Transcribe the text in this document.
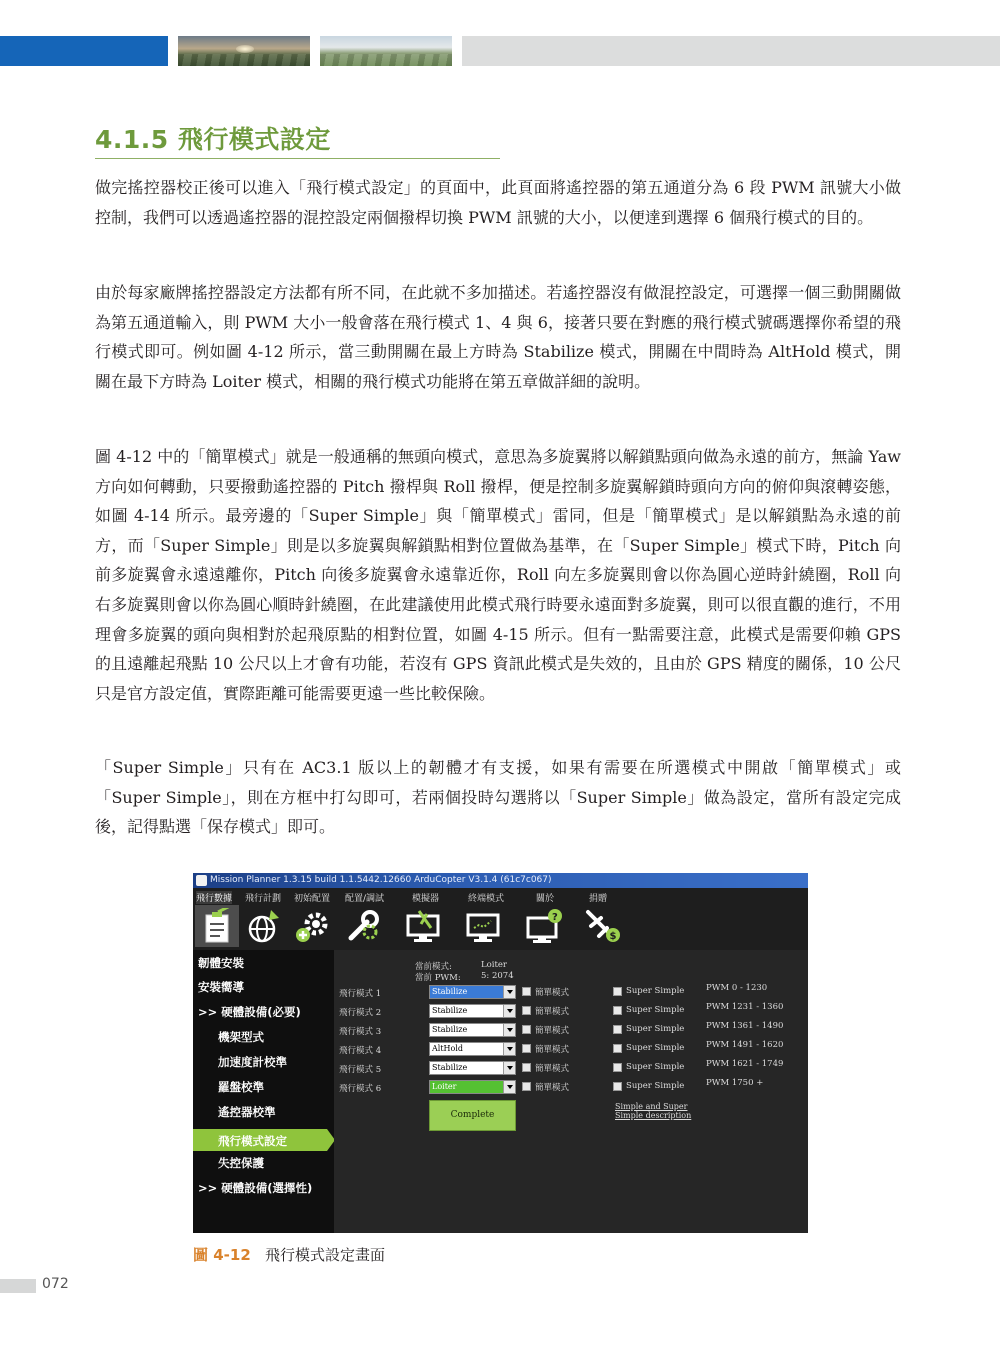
4.1.5 飛行模式設定

做完搖控器校正後可以進入「飛行模式設定」的頁面中，此頁面將遙控器的第五通道分為 6 段 PWM 訊號大小做控制，我們可以透過遙控器的混控設定兩個撥桿切換 PWM 訊號的大小，以便達到選擇 6 個飛行模式的目的。

由於每家廠牌搖控器設定方法都有所不同，在此就不多加描述。若遙控器沒有做混控設定，可選擇一個三動開關做為第五通道輸入，則 PWM 大小一般會落在飛行模式 1、4 與 6，接著只要在對應的飛行模式號碼選擇你希望的飛行模式即可。例如圖 4-12 所示，當三動開關在最上方時為 Stabilize 模式，開關在中間時為 AltHold 模式，開關在最下方時為 Loiter 模式，相關的飛行模式功能將在第五章做詳細的說明。

圖 4-12 中的「簡單模式」就是一般通稱的無頭向模式，意思為多旋翼將以解鎖點頭向做為永遠的前方，無論 Yaw 方向如何轉動，只要撥動遙控器的 Pitch 撥桿與 Roll 撥桿，便是控制多旋翼解鎖時頭向方向的俯仰與滾轉姿態，如圖 4-14 所示。最旁邊的「Super Simple」與「簡單模式」雷同，但是「簡單模式」是以解鎖點為永遠的前方，而「Super Simple」則是以多旋翼與解鎖點相對位置做為基準，在「Super Simple」模式下時，Pitch 向前多旋翼會永遠遠離你，Pitch 向後多旋翼會永遠靠近你，Roll 向左多旋翼則會以你為圓心逆時針繞圈，Roll 向右多旋翼則會以你為圓心順時針繞圈，在此建議使用此模式飛行時要永遠面對多旋翼，則可以很直觀的進行，不用理會多旋翼的頭向與相對於起飛原點的相對位置，如圖 4-15 所示。但有一點需要注意，此模式是需要仰賴 GPS 的且遠離起飛點 10 公尺以上才會有功能，若沒有 GPS 資訊此模式是失效的，且由於 GPS 精度的關係，10 公尺只是官方設定值，實際距離可能需要更遠一些比較保險。

「Super Simple」只有在 AC3.1 版以上的韌體才有支援，如果有需要在所選模式中開啟「簡單模式」或「Super Simple」，則在方框中打勾即可，若兩個投時勾選將以「Super Simple」做為設定，當所有設定完成後，記得點選「保存模式」即可。

Mission Planner 1.3.15 build 1.1.5442.12660 ArduCopter V3.1.4 (61c7c067)
飛行數據 飛行計劃 初始配置 配置/調試	模擬器	終端模式	關於	捐贈
?
$
韌體安裝
安裝嚮導
>> 硬體設備(必要)
機架型式
加速度計校準
羅盤校準
遙控器校準
飛行模式設定
失控保護
>> 硬體設備(選擇性)
當前模式:	Loiter
當前 PWM: 5: 2074
飛行模式 1	Stabilize	簡單模式	Super Simple	PWM 0 - 1230
飛行模式 2	Stabilize	簡單模式	Super Simple	PWM 1231 - 1360
飛行模式 3	Stabilize	簡單模式	Super Simple	PWM 1361 - 1490
飛行模式 4	AltHold	簡單模式	Super Simple	PWM 1491 - 1620
飛行模式 5	Stabilize	簡單模式	Super Simple	PWM 1621 - 1749
飛行模式 6	Loiter	簡單模式	Super Simple	PWM 1750 +
Complete
Simple and Super Simple description
圖 4-12 飛行模式設定畫面
072
